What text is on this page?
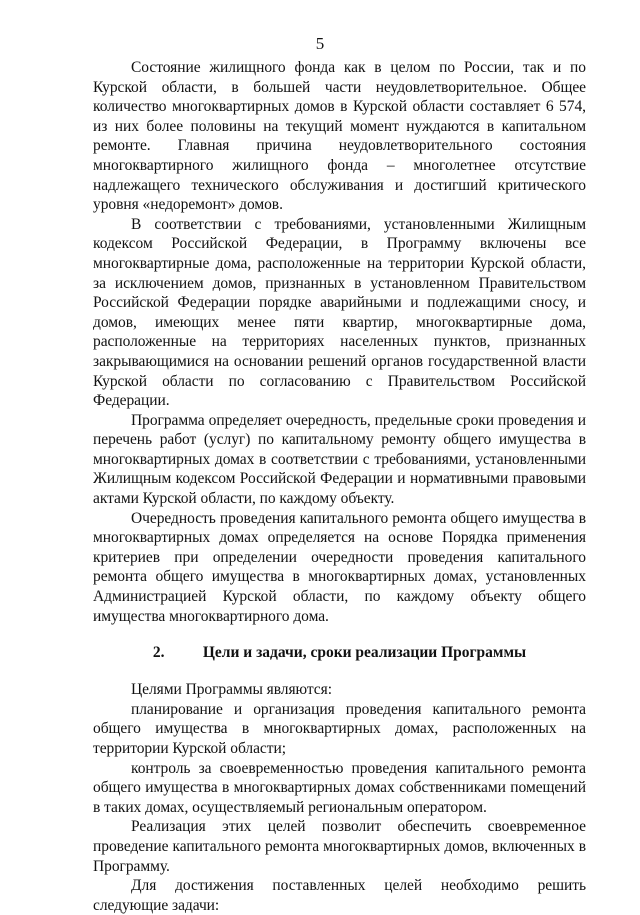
5

Состояние жилищного фонда как в целом по России, так и по Курской области, в большей части неудовлетворительное. Общее количество многоквартирных домов в Курской области составляет 6 574, из них более половины на текущий момент нуждаются в капитальном ремонте. Главная причина неудовлетворительного состояния многоквартирного жилищного фонда – многолетнее отсутствие надлежащего технического обслуживания и достигший критического уровня «недоремонт» домов.

В соответствии с требованиями, установленными Жилищным кодексом Российской Федерации, в Программу включены все многоквартирные дома, расположенные на территории Курской области, за исключением домов, признанных в установленном Правительством Российской Федерации порядке аварийными и подлежащими сносу, и домов, имеющих менее пяти квартир, многоквартирные дома, расположенные на территориях населенных пунктов, признанных закрывающимися на основании решений органов государственной власти Курской области по согласованию с Правительством Российской Федерации.

Программа определяет очередность, предельные сроки проведения и перечень работ (услуг) по капитальному ремонту общего имущества в многоквартирных домах в соответствии с требованиями, установленными Жилищным кодексом Российской Федерации и нормативными правовыми актами Курской области, по каждому объекту.

Очередность проведения капитального ремонта общего имущества в многоквартирных домах определяется на основе Порядка применения критериев при определении очередности проведения капитального ремонта общего имущества в многоквартирных домах, установленных Администрацией Курской области, по каждому объекту общего имущества многоквартирного дома.

2. Цели и задачи, сроки реализации Программы

Целями Программы являются:

планирование и организация проведения капитального ремонта общего имущества в многоквартирных домах, расположенных на территории Курской области;

контроль за своевременностью проведения капитального ремонта общего имущества в многоквартирных домах собственниками помещений в таких домах, осуществляемый региональным оператором.

Реализация этих целей позволит обеспечить своевременное проведение капитального ремонта многоквартирных домов, включенных в Программу.

Для достижения поставленных целей необходимо решить следующие задачи:
